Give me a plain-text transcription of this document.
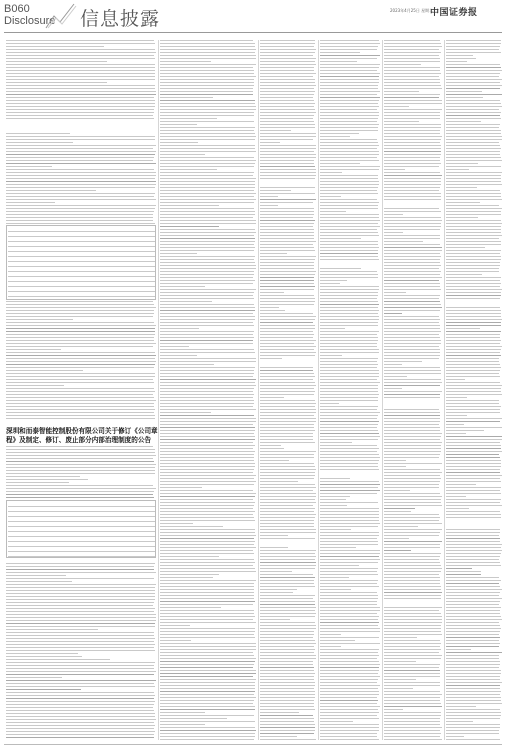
B060
Disclosure 信息披露	2023年4月25日 星期二
中国证券报
深圳和而泰智能控制股份有限公司关于修订《公司章程》及制定、修订、废止部分内部治理制度的公告
